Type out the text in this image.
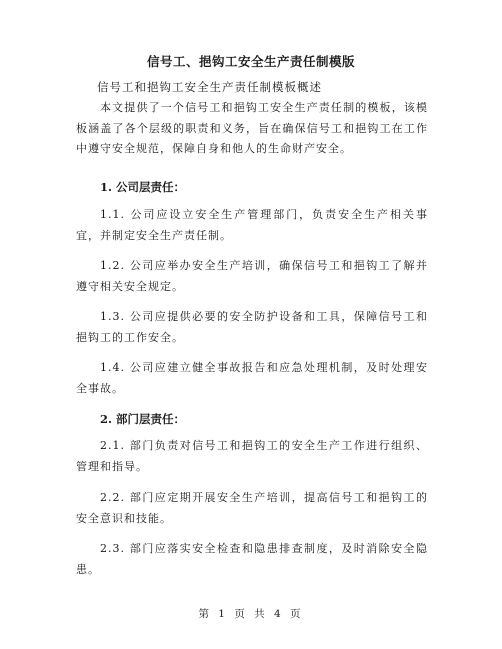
信号工、挹钩工安全生产责任制模版
信号工和挹钩工安全生产责任制模板概述
本文提供了一个信号工和挹钩工安全生产责任制的模板，该模板涵盖了各个层级的职责和义务，旨在确保信号工和挹钩工在工作中遵守安全规范，保障自身和他人的生命财产安全。
1. 公司层责任：
1.1. 公司应设立安全生产管理部门，负责安全生产相关事宜，并制定安全生产责任制。
1.2. 公司应举办安全生产培训，确保信号工和挹钩工了解并遵守相关安全规定。
1.3. 公司应提供必要的安全防护设备和工具，保障信号工和挹钩工的工作安全。
1.4. 公司应建立健全事故报告和应急处理机制，及时处理安全事故。
2. 部门层责任：
2.1. 部门负责对信号工和挹钩工的安全生产工作进行组织、管理和指导。
2.2. 部门应定期开展安全生产培训，提高信号工和挹钩工的安全意识和技能。
2.3. 部门应落实安全检查和隐患排查制度，及时消除安全隐患。
第 1 页 共 4 页
